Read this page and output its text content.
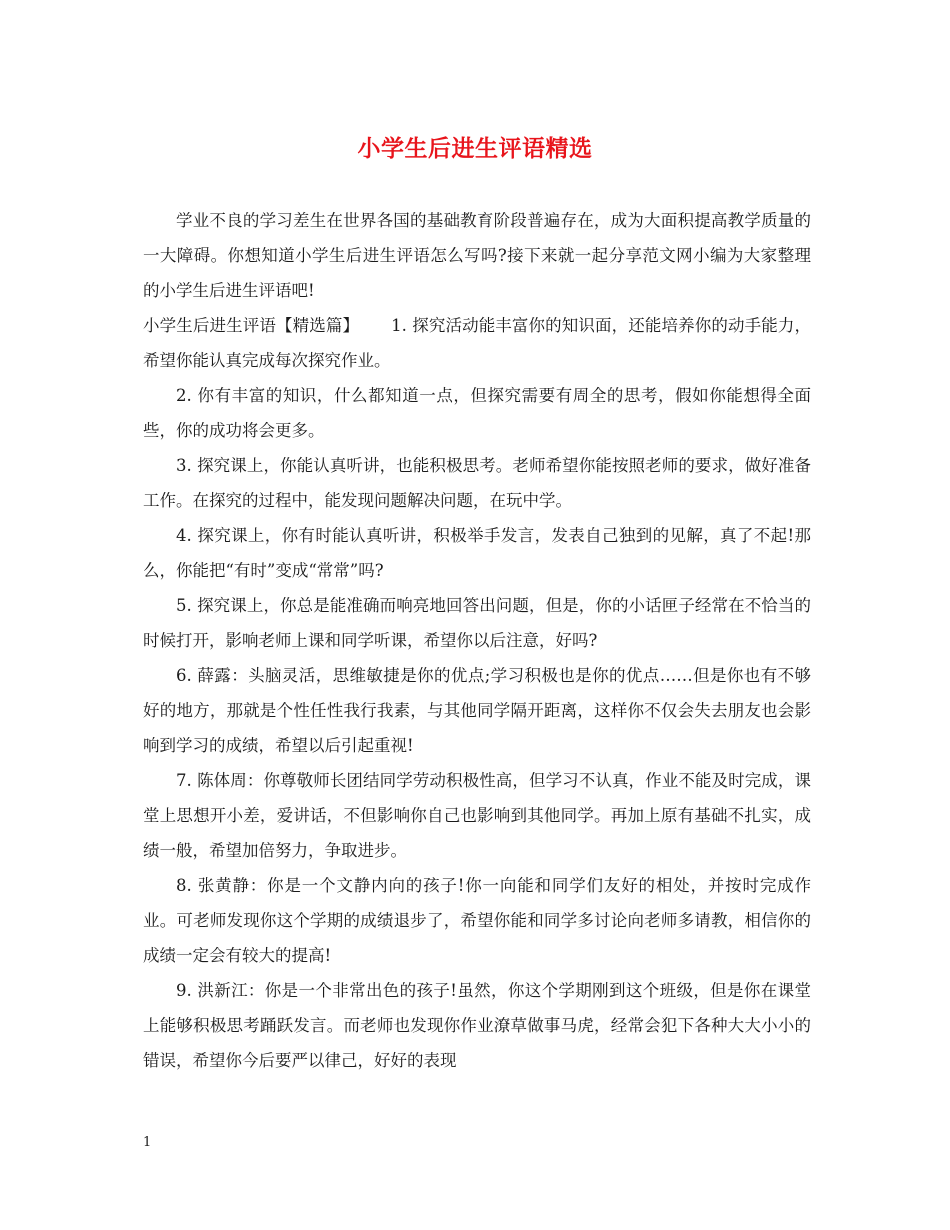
小学生后进生评语精选

学业不良的学习差生在世界各国的基础教育阶段普遍存在，成为大面积提高教学质量的一大障碍。你想知道小学生后进生评语怎么写吗?接下来就一起分享范文网小编为大家整理的小学生后进生评语吧!

小学生后进生评语【精选篇】 1. 探究活动能丰富你的知识面，还能培养你的动手能力，希望你能认真完成每次探究作业。

2. 你有丰富的知识，什么都知道一点，但探究需要有周全的思考，假如你能想得全面些，你的成功将会更多。

3. 探究课上，你能认真听讲，也能积极思考。老师希望你能按照老师的要求，做好准备工作。在探究的过程中，能发现问题解决问题，在玩中学。

4. 探究课上，你有时能认真听讲，积极举手发言，发表自己独到的见解，真了不起!那么，你能把“有时”变成“常常”吗?

5. 探究课上，你总是能准确而响亮地回答出问题，但是，你的小话匣子经常在不恰当的时候打开，影响老师上课和同学听课，希望你以后注意，好吗?

6. 薛露：头脑灵活，思维敏捷是你的优点;学习积极也是你的优点……但是你也有不够好的地方，那就是个性任性我行我素，与其他同学隔开距离，这样你不仅会失去朋友也会影响到学习的成绩，希望以后引起重视!

7. 陈体周：你尊敬师长团结同学劳动积极性高，但学习不认真，作业不能及时完成，课堂上思想开小差，爱讲话，不但影响你自己也影响到其他同学。再加上原有基础不扎实，成绩一般，希望加倍努力，争取进步。

8. 张黄静：你是一个文静内向的孩子!你一向能和同学们友好的相处，并按时完成作业。可老师发现你这个学期的成绩退步了，希望你能和同学多讨论向老师多请教，相信你的成绩一定会有较大的提高!

9. 洪新江：你是一个非常出色的孩子!虽然，你这个学期刚到这个班级，但是你在课堂上能够积极思考踊跃发言。而老师也发现你作业潦草做事马虎，经常会犯下各种大大小小的错误，希望你今后要严以律己，好好的表现

1
